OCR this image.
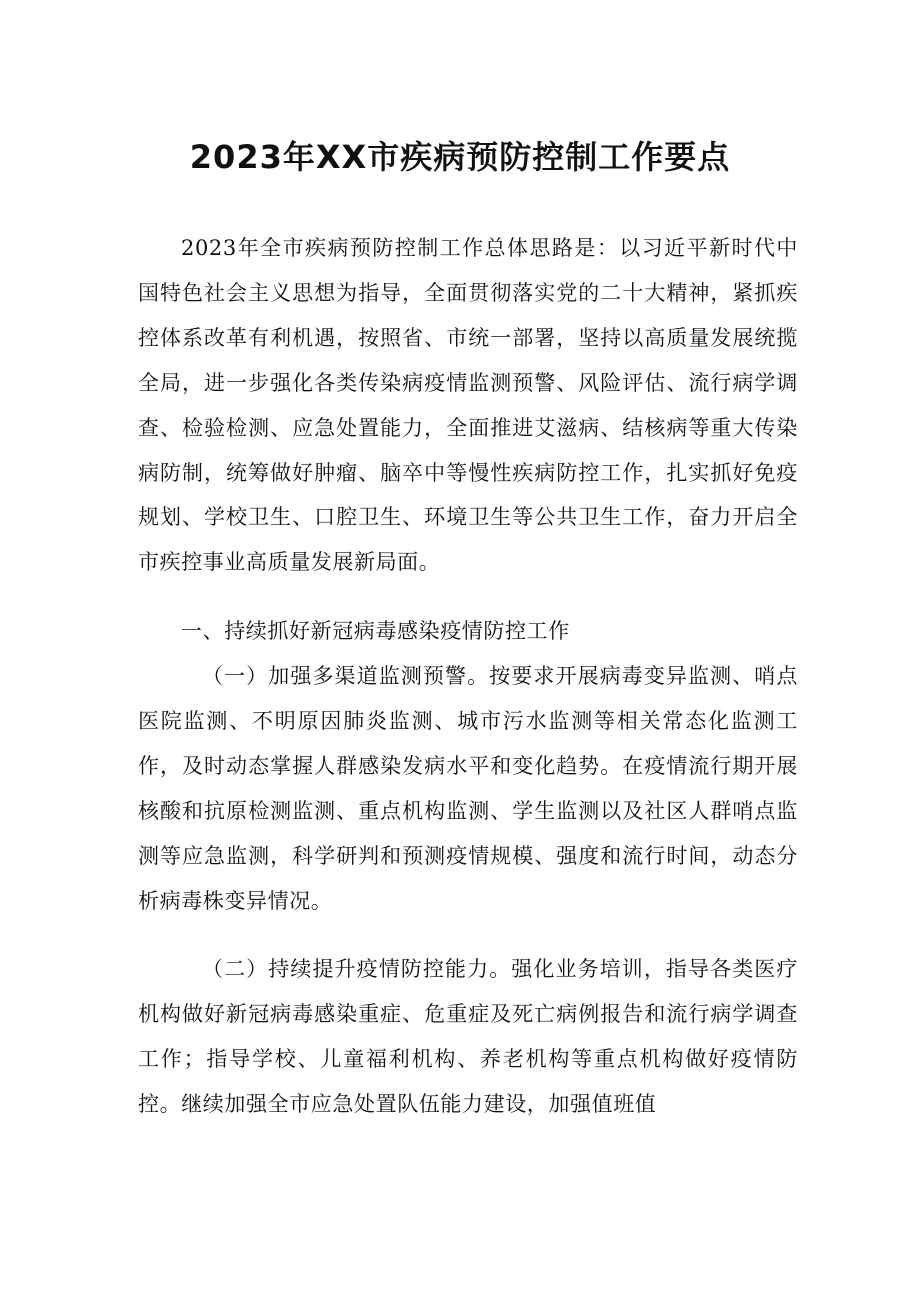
2023年XX市疾病预防控制工作要点

2023年全市疾病预防控制工作总体思路是：以习近平新时代中国特色社会主义思想为指导，全面贯彻落实党的二十大精神，紧抓疾控体系改革有利机遇，按照省、市统一部署，坚持以高质量发展统揽全局，进一步强化各类传染病疫情监测预警、风险评估、流行病学调查、检验检测、应急处置能力，全面推进艾滋病、结核病等重大传染病防制，统筹做好肿瘤、脑卒中等慢性疾病防控工作，扎实抓好免疫规划、学校卫生、口腔卫生、环境卫生等公共卫生工作，奋力开启全市疾控事业高质量发展新局面。

一、持续抓好新冠病毒感染疫情防控工作

（一）加强多渠道监测预警。按要求开展病毒变异监测、哨点医院监测、不明原因肺炎监测、城市污水监测等相关常态化监测工作，及时动态掌握人群感染发病水平和变化趋势。在疫情流行期开展核酸和抗原检测监测、重点机构监测、学生监测以及社区人群哨点监测等应急监测，科学研判和预测疫情规模、强度和流行时间，动态分析病毒株变异情况。

（二）持续提升疫情防控能力。强化业务培训，指导各类医疗机构做好新冠病毒感染重症、危重症及死亡病例报告和流行病学调查工作；指导学校、儿童福利机构、养老机构等重点机构做好疫情防控。继续加强全市应急处置队伍能力建设，加强值班值
